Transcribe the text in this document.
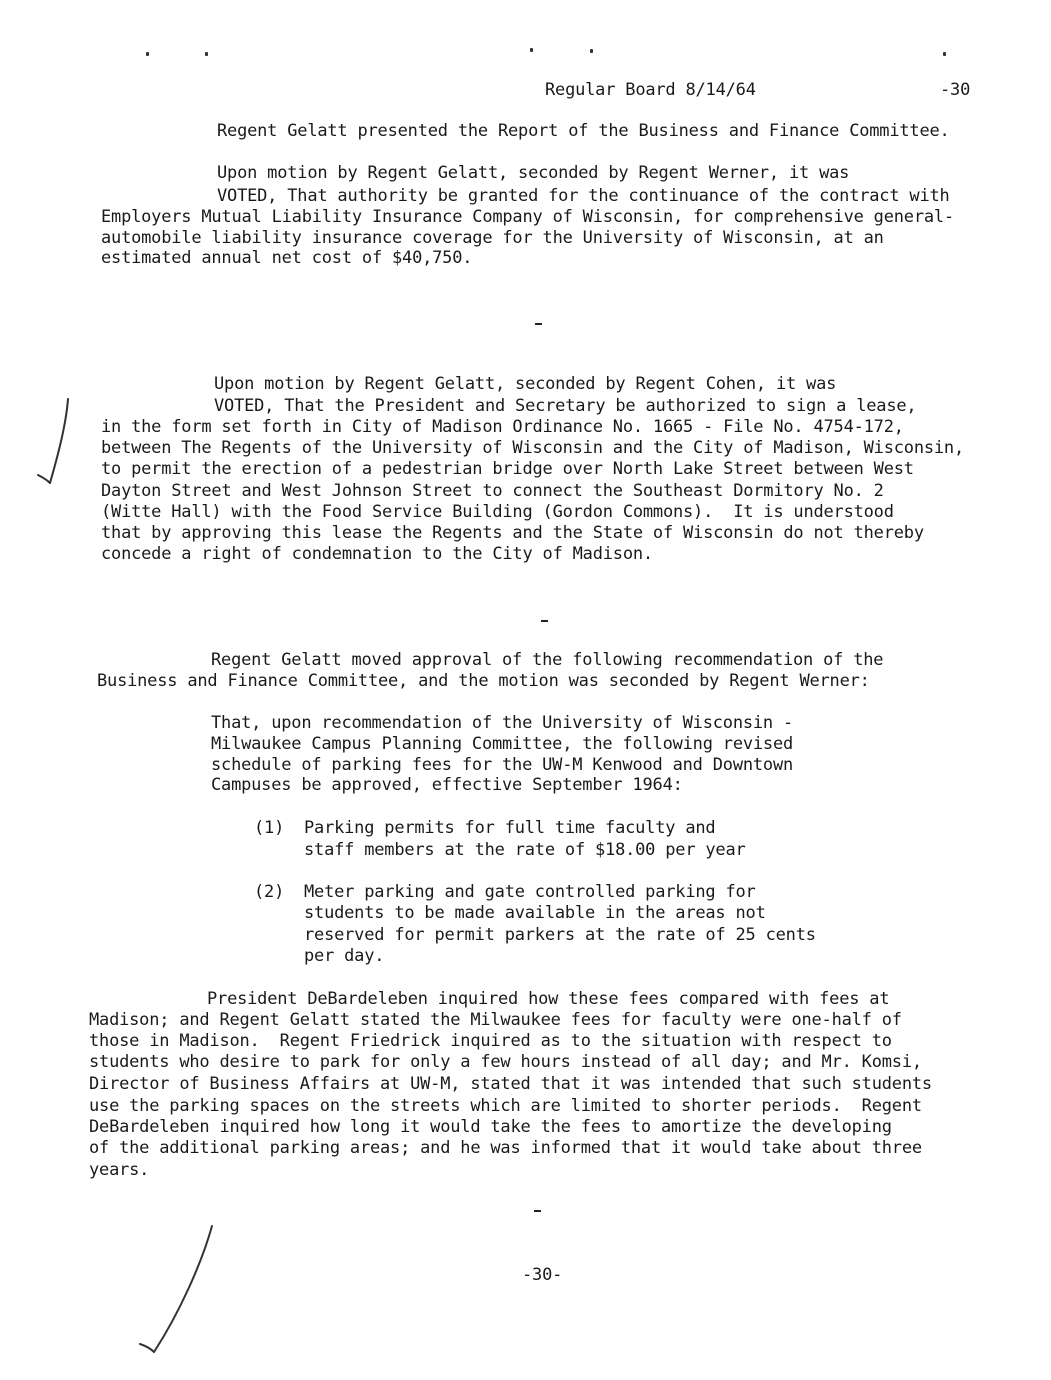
Regular Board 8/14/64	-30
Regent Gelatt presented the Report of the Business and Finance Committee.
Upon motion by Regent Gelatt, seconded by Regent Werner, it was
VOTED, That authority be granted for the continuance of the contract with
Employers Mutual Liability Insurance Company of Wisconsin, for comprehensive general-
automobile liability insurance coverage for the University of Wisconsin, at an
estimated annual net cost of $40,750.
Upon motion by Regent Gelatt, seconded by Regent Cohen, it was
VOTED, That the President and Secretary be authorized to sign a lease,
in the form set forth in City of Madison Ordinance No. 1665 - File No. 4754-172,
between The Regents of the University of Wisconsin and the City of Madison, Wisconsin,
to permit the erection of a pedestrian bridge over North Lake Street between West
Dayton Street and West Johnson Street to connect the Southeast Dormitory No. 2
(Witte Hall) with the Food Service Building (Gordon Commons).  It is understood
that by approving this lease the Regents and the State of Wisconsin do not thereby
concede a right of condemnation to the City of Madison.
Regent Gelatt moved approval of the following recommendation of the
Business and Finance Committee, and the motion was seconded by Regent Werner:
That, upon recommendation of the University of Wisconsin -
Milwaukee Campus Planning Committee, the following revised
schedule of parking fees for the UW-M Kenwood and Downtown
Campuses be approved, effective September 1964:
(1) Parking permits for full time faculty and
staff members at the rate of $18.00 per year
(2) Meter parking and gate controlled parking for
students to be made available in the areas not
reserved for permit parkers at the rate of 25 cents
per day.
President DeBardeleben inquired how these fees compared with fees at
Madison; and Regent Gelatt stated the Milwaukee fees for faculty were one-half of
those in Madison.  Regent Friedrick inquired as to the situation with respect to
students who desire to park for only a few hours instead of all day; and Mr. Komsi,
Director of Business Affairs at UW-M, stated that it was intended that such students
use the parking spaces on the streets which are limited to shorter periods.  Regent
DeBardeleben inquired how long it would take the fees to amortize the developing
of the additional parking areas; and he was informed that it would take about three
years.
-30-
